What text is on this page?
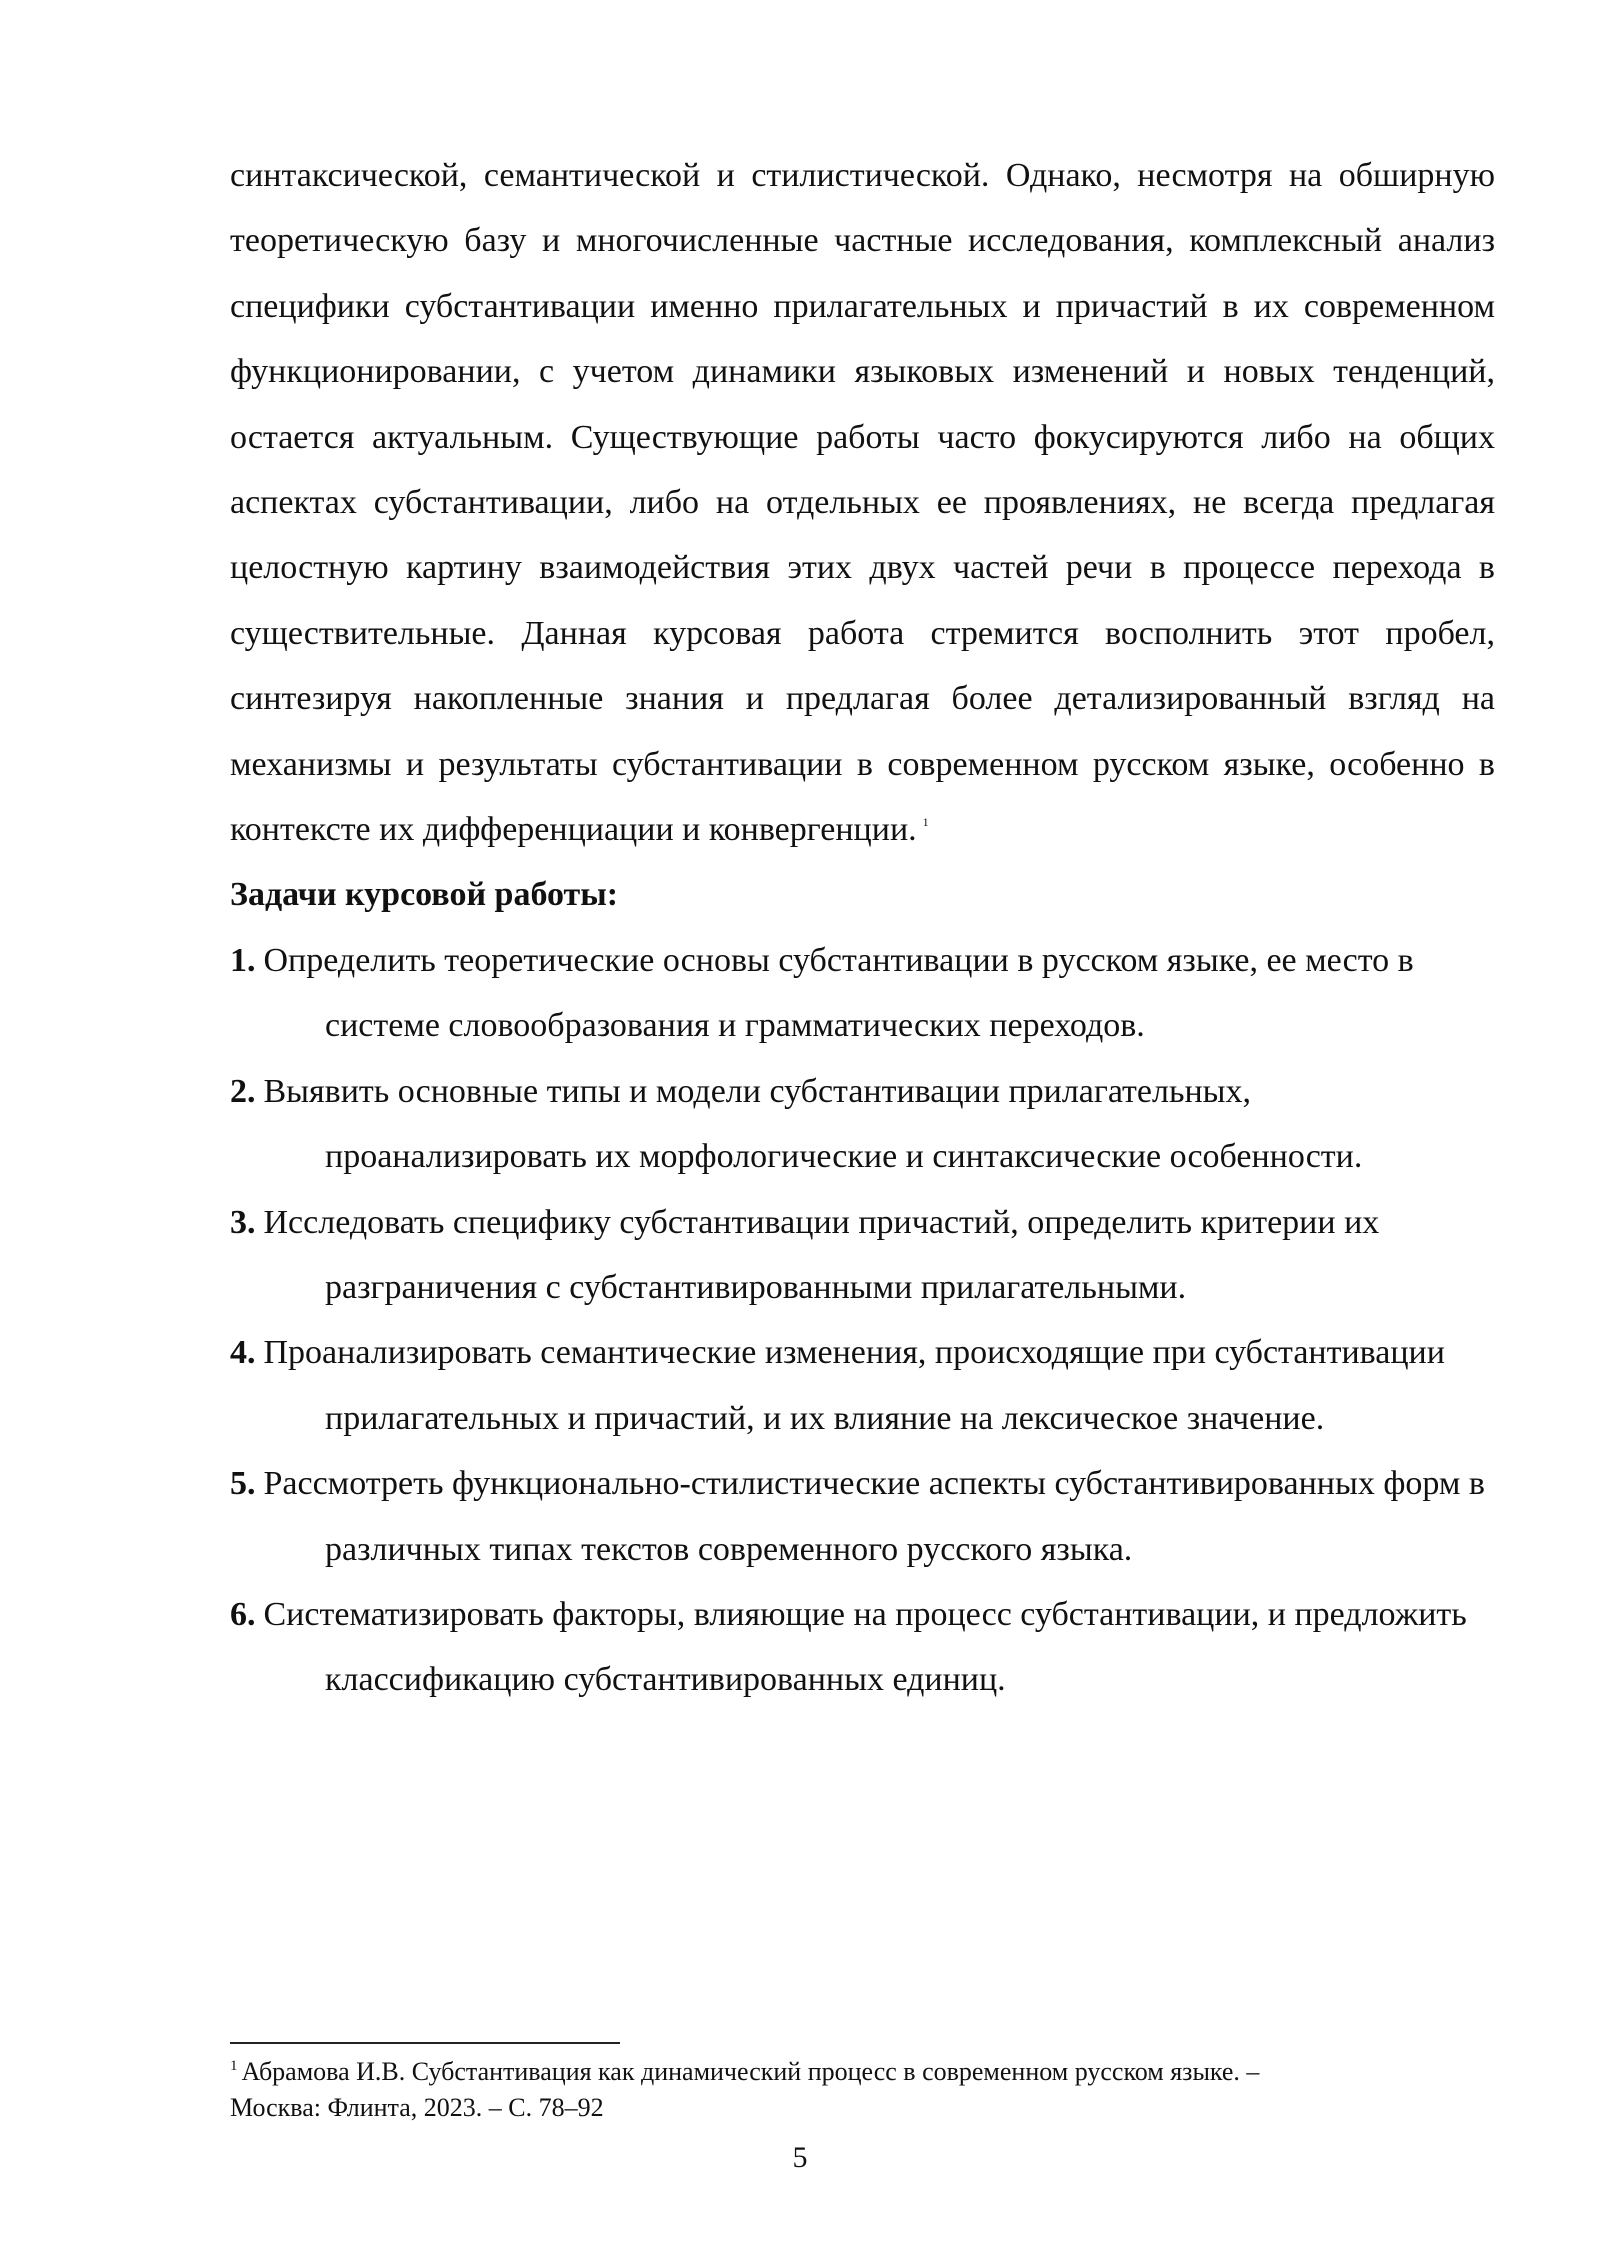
синтаксической, семантической и стилистической. Однако, несмотря на обширную теоретическую базу и многочисленные частные исследования, комплексный анализ специфики субстантивации именно прилагательных и причастий в их современном функционировании, с учетом динамики языковых изменений и новых тенденций, остается актуальным. Существующие работы часто фокусируются либо на общих аспектах субстантивации, либо на отдельных ее проявлениях, не всегда предлагая целостную картину взаимодействия этих двух частей речи в процессе перехода в существительные. Данная курсовая работа стремится восполнить этот пробел, синтезируя накопленные знания и предлагая более детализированный взгляд на механизмы и результаты субстантивации в современном русском языке, особенно в контексте их дифференциации и конвергенции. $^1$

Задачи курсовой работы:

1. Определить теоретические основы субстантивации в русском языке, ее место в системе словообразования и грамматических переходов.
2. Выявить основные типы и модели субстантивации прилагательных, проанализировать их морфологические и синтаксические особенности.
3. Исследовать специфику субстантивации причастий, определить критерии их разграничения с субстантивированными прилагательными.
4. Проанализировать семантические изменения, происходящие при субстантивации прилагательных и причастий, и их влияние на лексическое значение.
5. Рассмотреть функционально-стилистические аспекты субстантивированных форм в различных типах текстов современного русского языка.
6. Систематизировать факторы, влияющие на процесс субстантивации, и предложить классификацию субстантивированных единиц.
$^1$ Абрамова И.В. Субстантивация как динамический процесс в современном русском языке. –
Москва: Флинта, 2023. – С. 78–92
5
